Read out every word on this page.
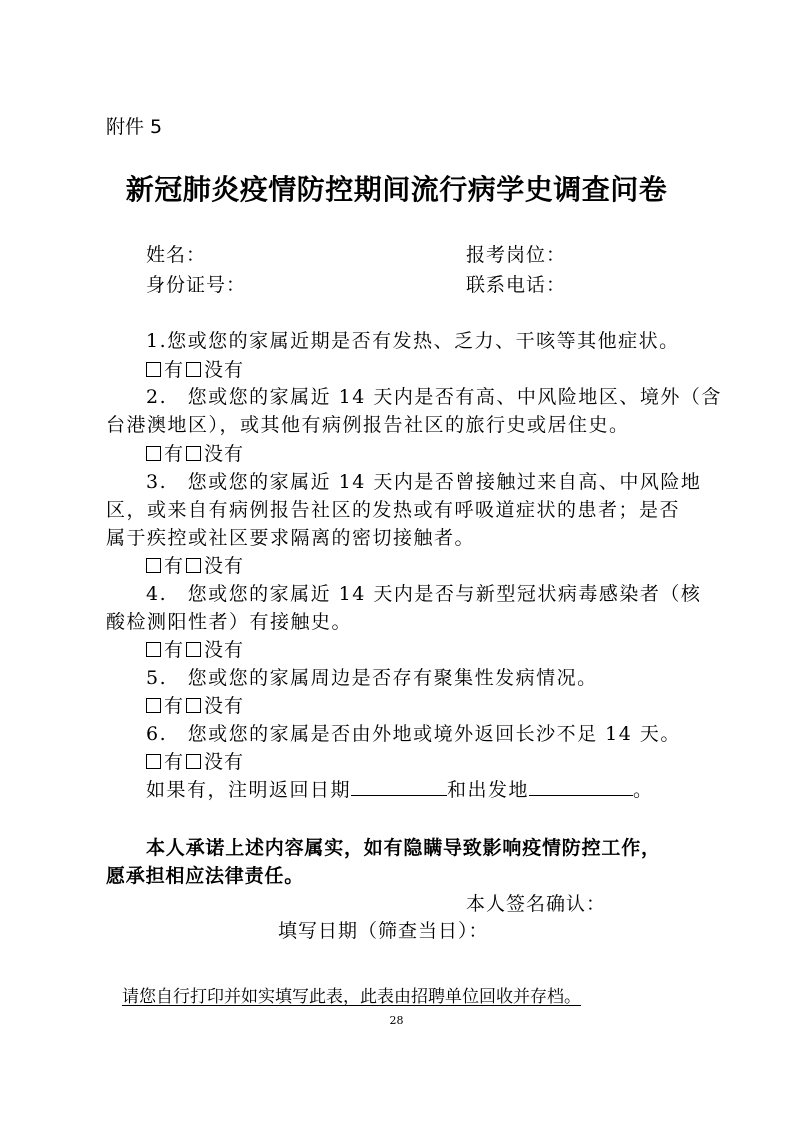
附件 5
新冠肺炎疫情防控期间流行病学史调查问卷
姓名：	报考岗位：
身份证号：	联系电话：
1.您或您的家属近期是否有发热、乏力、干咳等其他症状。
有 没有
2.　您或您的家属近 14 天内是否有高、中风险地区、境外（含
台港澳地区），或其他有病例报告社区的旅行史或居住史。
有 没有
3.　您或您的家属近 14 天内是否曾接触过来自高、中风险地
区，或来自有病例报告社区的发热或有呼吸道症状的患者；是否
属于疾控或社区要求隔离的密切接触者。
有 没有
4.　您或您的家属近 14 天内是否与新型冠状病毒感染者（核
酸检测阳性者）有接触史。
有 没有
5.　您或您的家属周边是否存有聚集性发病情况。
有 没有
6.　您或您的家属是否由外地或境外返回长沙不足 14 天。
有 没有
如果有，注明返回日期	和出发地	。
本人承诺上述内容属实，如有隐瞒导致影响疫情防控工作，
愿承担相应法律责任。
本人签名确认：
填写日期（筛查当日）：
请您自行打印并如实填写此表，此表由招聘单位回收并存档。
28
